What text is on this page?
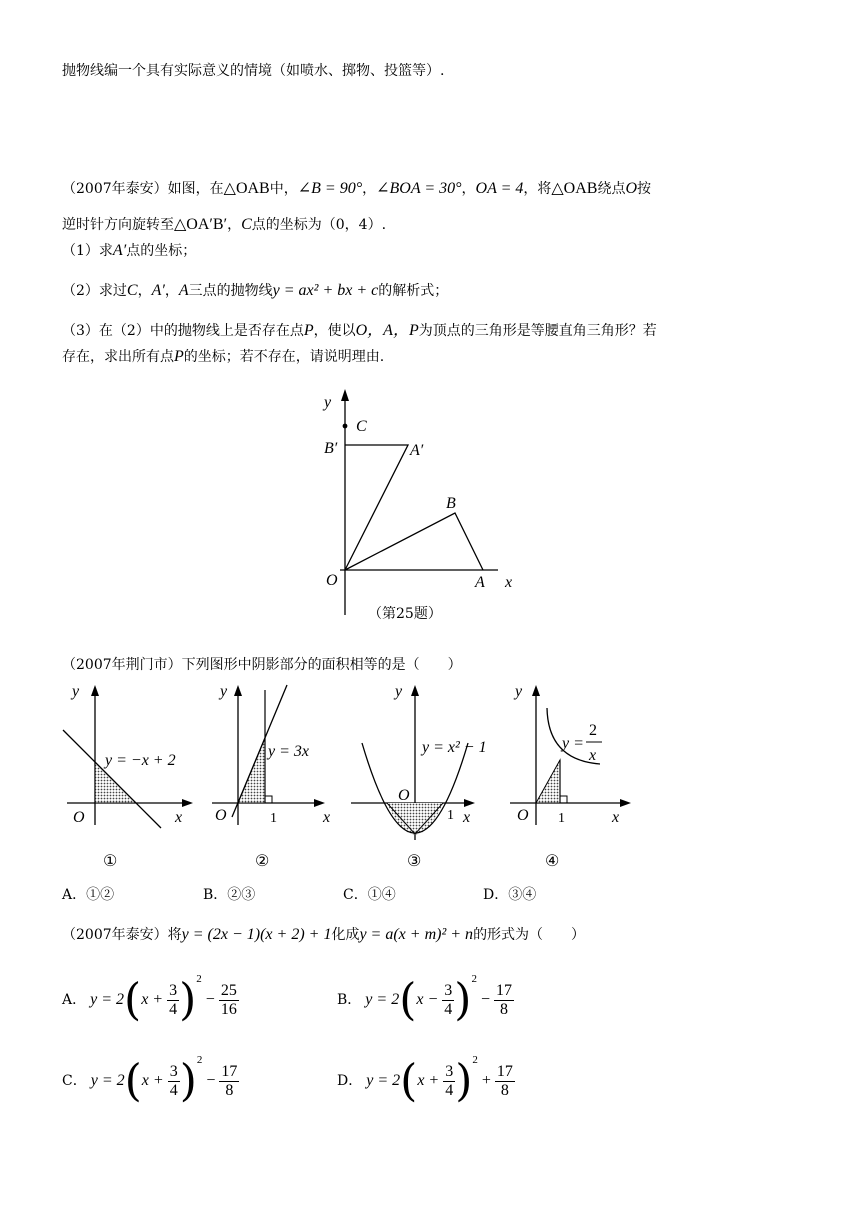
抛物线编一个具有实际意义的情境（如喷水、掷物、投篮等）.
（2007年泰安）如图，在△OAB中，∠B = 90°，∠BOA = 30°，OA = 4，将△OAB绕点O按
逆时针方向旋转至△OA′B′，C点的坐标为（0，4）.
（1）求A′点的坐标；
（2）求过C，A′，A三点的抛物线y = ax² + bx + c的解析式；
（3）在（2）中的抛物线上是否存在点P，使以O，A，P为顶点的三角形是等腰直角三角形？若
存在，求出所有点P的坐标；若不存在，请说明理由.
y
C
B′	A′
B
O	A x
（第25题）
（2007年荆门市）下列图形中阴影部分的面积相等的是（　　）
y
y = −x + 2
O	x
①
y
y = 3x
O	1	x
②
y
y = x² − 1
O
1 x
③
y
y =
2
x
O 1	x
④
A．①②	B．②③	C．①④	D．③④
（2007年泰安）将y = (2x − 1)(x + 2) + 1化成y = a(x + m)² + n的形式为（　　）
A． $y = 2(x + \frac{3}{4} )^2 - \frac{25}{16}$	B． $y = 2(x - \frac{3}{4} )^2 - \frac{17}{8}$
C． $y = 2(x + \frac{3}{4} )^2 - \frac{17}{8}$	D． $y = 2(x + \frac{3}{4} )^2 + \frac{17}{8}$
